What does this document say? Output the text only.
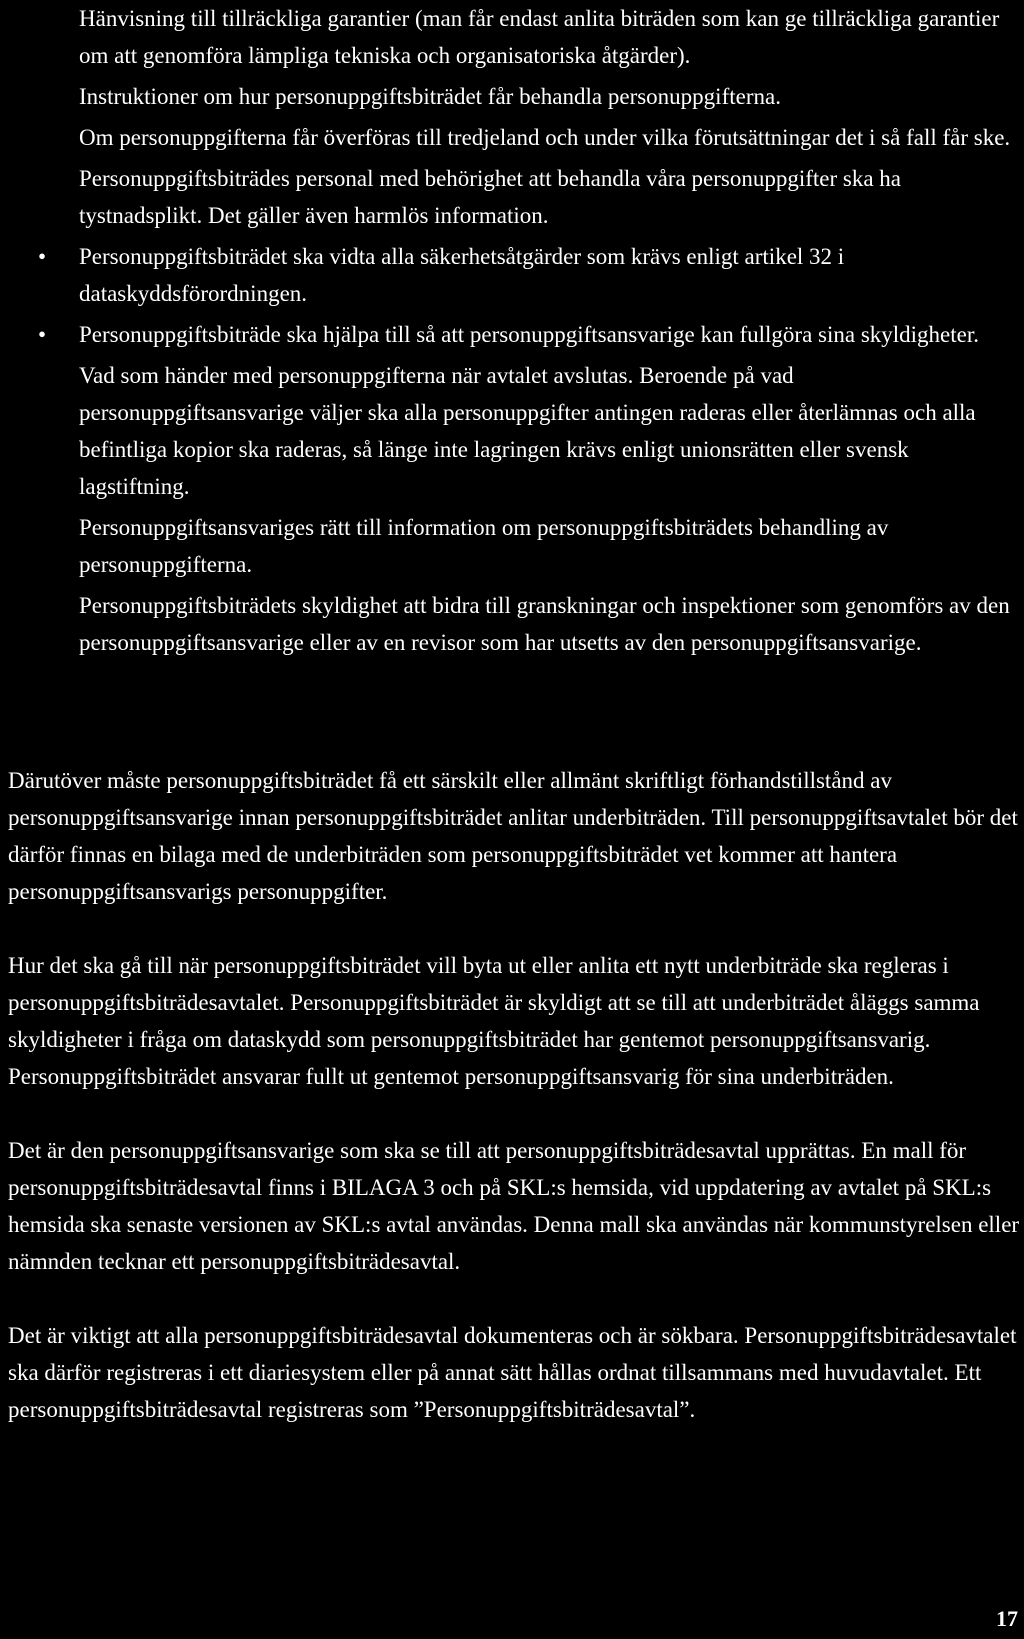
Hänvisning till tillräckliga garantier (man får endast anlita biträden som kan ge tillräckliga garantier om att genomföra lämpliga tekniska och organisatoriska åtgärder).
Instruktioner om hur personuppgiftsbiträdet får behandla personuppgifterna.
Om personuppgifterna får överföras till tredjeland och under vilka förutsättningar det i så fall får ske.
Personuppgiftsbiträdes personal med behörighet att behandla våra personuppgifter ska ha tystnadsplikt. Det gäller även harmlös information.
• Personuppgiftsbiträdet ska vidta alla säkerhetsåtgärder som krävs enligt artikel 32 i dataskyddsförordningen.
• Personuppgiftsbiträde ska hjälpa till så att personuppgiftsansvarige kan fullgöra sina skyldigheter.
Vad som händer med personuppgifterna när avtalet avslutas. Beroende på vad personuppgiftsansvarige väljer ska alla personuppgifter antingen raderas eller återlämnas och alla befintliga kopior ska raderas, så länge inte lagringen krävs enligt unionsrätten eller svensk lagstiftning.
Personuppgiftsansvariges rätt till information om personuppgiftsbiträdets behandling av personuppgifterna.
Personuppgiftsbiträdets skyldighet att bidra till granskningar och inspektioner som genomförs av den personuppgiftsansvarige eller av en revisor som har utsetts av den personuppgiftsansvarige.

Därutöver måste personuppgiftsbiträdet få ett särskilt eller allmänt skriftligt förhandstillstånd av personuppgiftsansvarige innan personuppgiftsbiträdet anlitar underbiträden. Till personuppgiftsavtalet bör det därför finnas en bilaga med de underbiträden som personuppgiftsbiträdet vet kommer att hantera personuppgiftsansvarigs personuppgifter.

Hur det ska gå till när personuppgiftsbiträdet vill byta ut eller anlita ett nytt underbiträde ska regleras i personuppgiftsbiträdesavtalet. Personuppgiftsbiträdet är skyldigt att se till att underbiträdet åläggs samma skyldigheter i fråga om dataskydd som personuppgiftsbiträdet har gentemot personuppgiftsansvarig. Personuppgiftsbiträdet ansvarar fullt ut gentemot personuppgiftsansvarig för sina underbiträden.

Det är den personuppgiftsansvarige som ska se till att personuppgiftsbiträdesavtal upprättas. En mall för personuppgiftsbiträdesavtal finns i BILAGA 3 och på SKL:s hemsida, vid uppdatering av avtalet på SKL:s hemsida ska senaste versionen av SKL:s avtal användas. Denna mall ska användas när kommunstyrelsen eller nämnden tecknar ett personuppgiftsbiträdesavtal.

Det är viktigt att alla personuppgiftsbiträdesavtal dokumenteras och är sökbara. Personuppgiftsbiträdesavtalet ska därför registreras i ett diariesystem eller på annat sätt hållas ordnat tillsammans med huvudavtalet. Ett personuppgiftsbiträdesavtal registreras som ”Personuppgiftsbiträdesavtal”.

17
